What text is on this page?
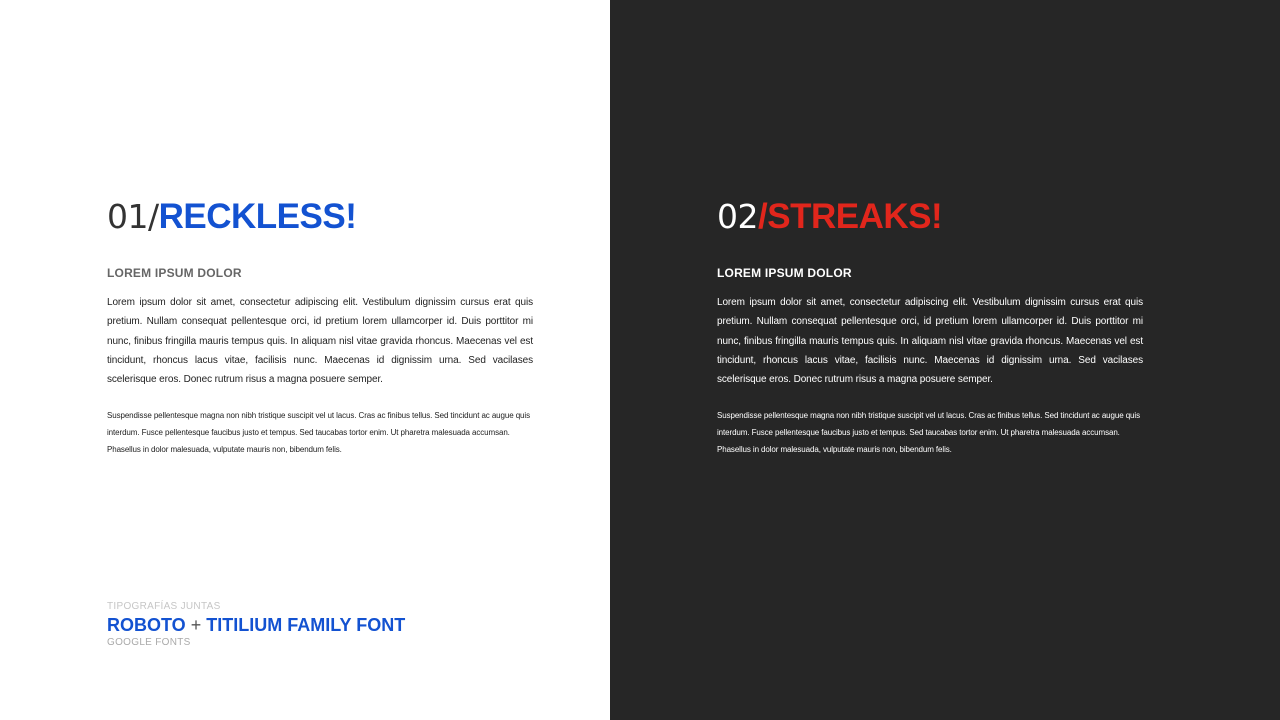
01/RECKLESS!
LOREM IPSUM DOLOR

Lorem ipsum dolor sit amet, consectetur adipiscing elit. Vestibulum dignissim cursus erat quis pretium. Nullam consequat pellentesque orci, id pretium lorem ullamcorper id. Duis porttitor mi nunc, finibus fringilla mauris tempus quis. In aliquam nisl vitae gravida rhoncus. Maecenas vel est tincidunt, rhoncus lacus vitae, facilisis nunc. Maecenas id dignissim urna. Sed vacilases scelerisque eros. Donec rutrum risus a magna posuere semper.

Suspendisse pellentesque magna non nibh tristique suscipit vel ut lacus. Cras ac finibus tellus. Sed tincidunt ac augue quis interdum. Fusce pellentesque faucibus justo et tempus. Sed taucabas tortor enim. Ut pharetra malesuada accumsan. Phasellus in dolor malesuada, vulputate mauris non, bibendum felis.

02/STREAKS!
LOREM IPSUM DOLOR

Lorem ipsum dolor sit amet, consectetur adipiscing elit. Vestibulum dignissim cursus erat quis pretium. Nullam consequat pellentesque orci, id pretium lorem ullamcorper id. Duis porttitor mi nunc, finibus fringilla mauris tempus quis. In aliquam nisl vitae gravida rhoncus. Maecenas vel est tincidunt, rhoncus lacus vitae, facilisis nunc. Maecenas id dignissim urna. Sed vacilases scelerisque eros. Donec rutrum risus a magna posuere semper.

Suspendisse pellentesque magna non nibh tristique suscipit vel ut lacus. Cras ac finibus tellus. Sed tincidunt ac augue quis interdum. Fusce pellentesque faucibus justo et tempus. Sed taucabas tortor enim. Ut pharetra malesuada accumsan. Phasellus in dolor malesuada, vulputate mauris non, bibendum felis.

TIPOGRAFÍAS JUNTAS
ROBOTO + TITILIUM FAMILY FONT
GOOGLE FONTS
